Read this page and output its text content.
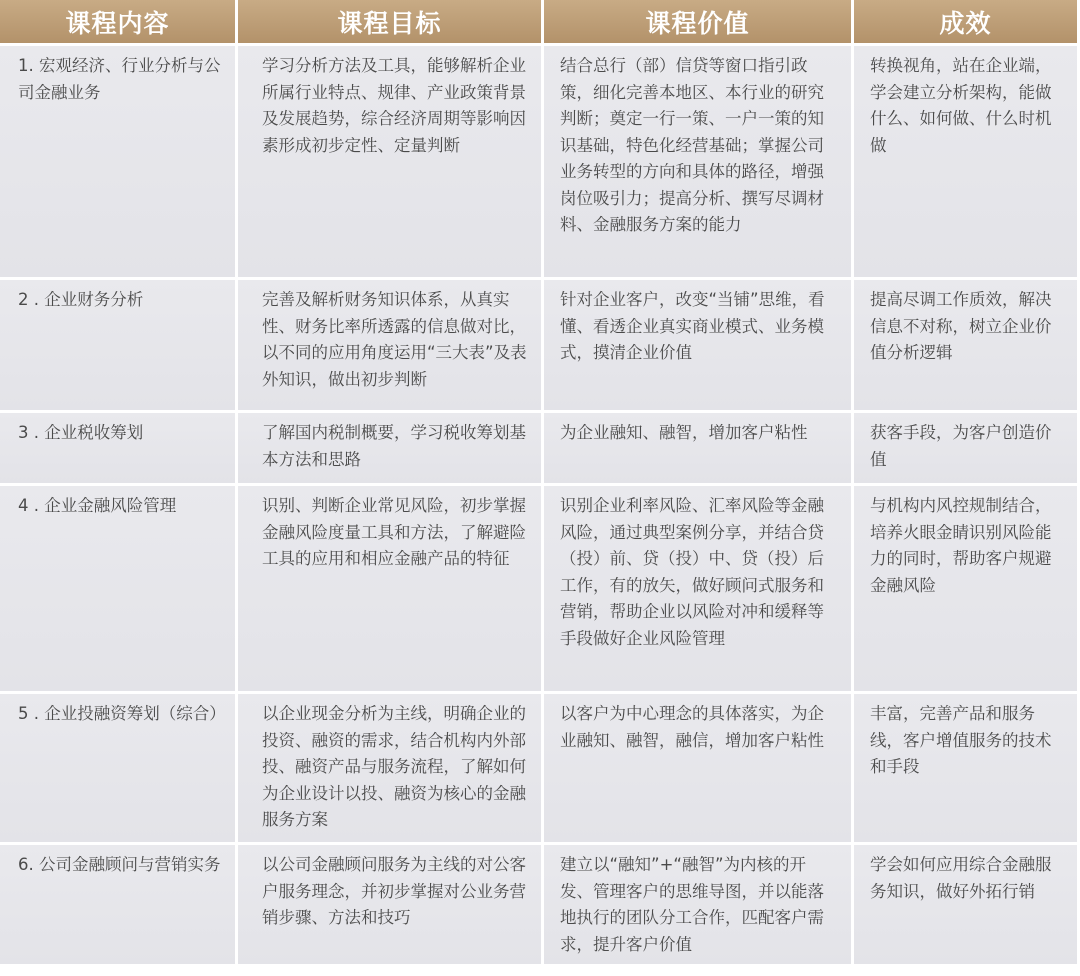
课程内容	课程目标	课程价值	成效
1. 宏观经济、行业分析与公司金融业务	学习分析方法及工具，能够解析企业所属行业特点、规律、产业政策背景及发展趋势，综合经济周期等影响因素形成初步定性、定量判断	结合总行（部）信贷等窗口指引政策，细化完善本地区、本行业的研究判断；奠定一行一策、一户一策的知识基础，特色化经营基础；掌握公司业务转型的方向和具体的路径，增强岗位吸引力；提高分析、撰写尽调材料、金融服务方案的能力	转换视角，站在企业端，学会建立分析架构，能做什么、如何做、什么时机做
2 . 企业财务分析	完善及解析财务知识体系，从真实性、财务比率所透露的信息做对比，以不同的应用角度运用“三大表”及表外知识，做出初步判断	针对企业客户，改变“当铺”思维，看懂、看透企业真实商业模式、业务模式，摸清企业价值	提高尽调工作质效，解决信息不对称，树立企业价值分析逻辑
3 . 企业税收筹划	了解国内税制概要，学习税收筹划基本方法和思路	为企业融知、融智，增加客户粘性	获客手段，为客户创造价值
4 . 企业金融风险管理	识别、判断企业常见风险，初步掌握金融风险度量工具和方法，了解避险工具的应用和相应金融产品的特征	识别企业利率风险、汇率风险等金融风险，通过典型案例分享，并结合贷（投）前、贷（投）中、贷（投）后工作，有的放矢，做好顾问式服务和营销，帮助企业以风险对冲和缓释等手段做好企业风险管理	与机构内风控规制结合，培养火眼金睛识别风险能力的同时，帮助客户规避金融风险
5 . 企业投融资筹划（综合）	以企业现金分析为主线，明确企业的投资、融资的需求，结合机构内外部投、融资产品与服务流程，了解如何为企业设计以投、融资为核心的金融服务方案	以客户为中心理念的具体落实，为企业融知、融智，融信，增加客户粘性	丰富，完善产品和服务线，客户增值服务的技术和手段
6. 公司金融顾问与营销实务	以公司金融顾问服务为主线的对公客户服务理念，并初步掌握对公业务营销步骤、方法和技巧	建立以“融知”+“融智”为内核的开发、管理客户的思维导图，并以能落地执行的团队分工合作，匹配客户需求，提升客户价值	学会如何应用综合金融服务知识，做好外拓行销
